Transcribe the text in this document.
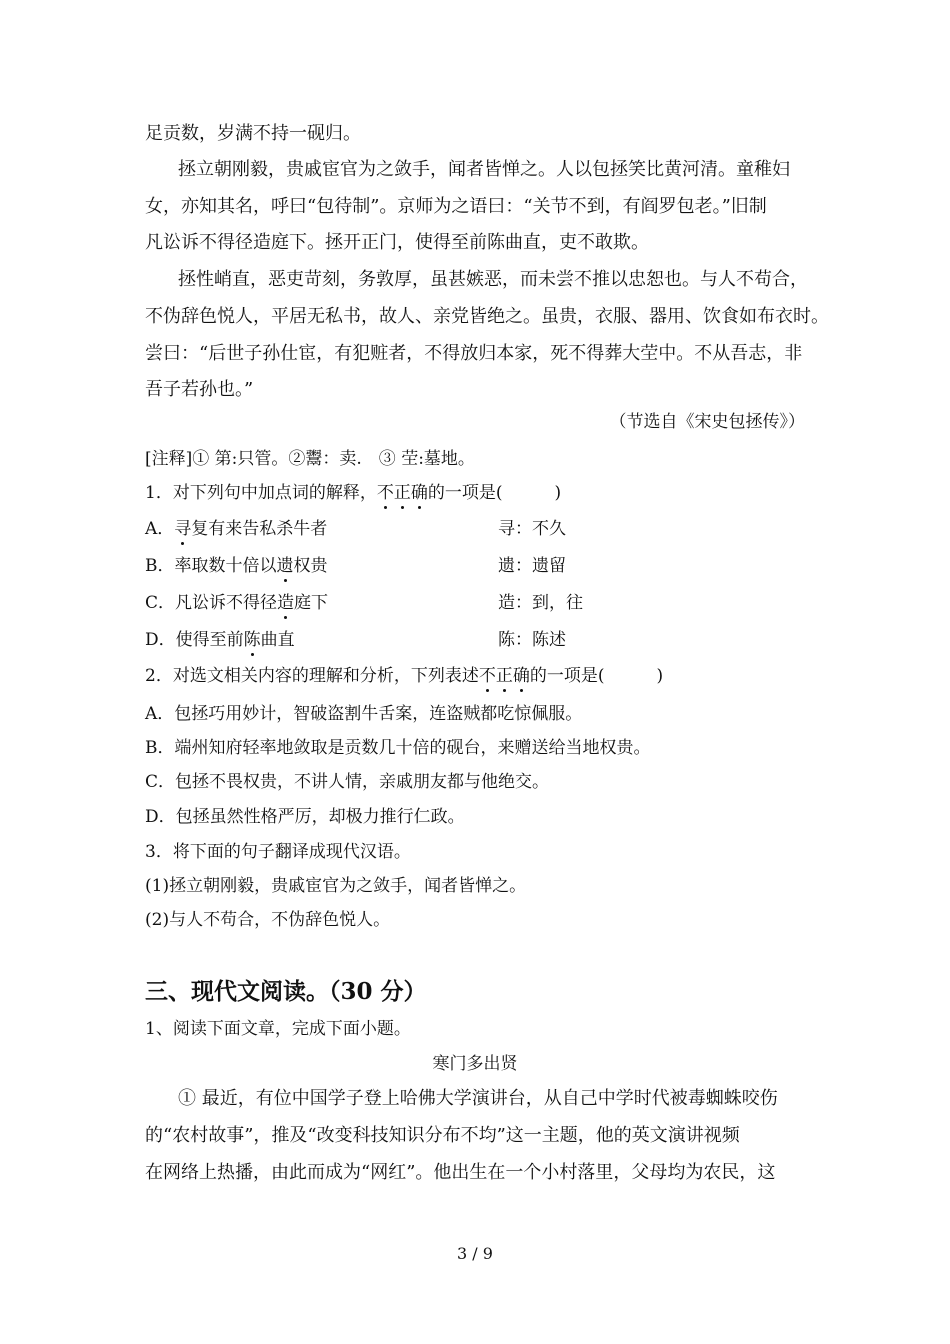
足贡数，岁满不持一砚归。
拯立朝刚毅，贵戚宦官为之敛手，闻者皆惮之。人以包拯笑比黄河清。童稚妇
女，亦知其名，呼曰“包待制”。京师为之语曰：“关节不到，有阎罗包老。”旧制
凡讼诉不得径造庭下。拯开正门，使得至前陈曲直，吏不敢欺。
拯性峭直，恶吏苛刻，务敦厚，虽甚嫉恶，而未尝不推以忠恕也。与人不苟合，
不伪辞色悦人，平居无私书，故人、亲党皆绝之。虽贵，衣服、器用、饮食如布衣时。
尝曰：“后世子孙仕宦，有犯赃者，不得放归本家，死不得葬大茔中。不从吾志，非
吾子若孙也。”
（节选自《宋史包拯传》）
[注释]① 第:只管。②鬻：卖.　③ 茔:墓地。
1．对下列句中加点词的解释，不正确的一项是(	)
A．寻复有来告私杀牛者	寻：不久
B．率取数十倍以遗权贵	遗：遗留
C．凡讼诉不得径造庭下	造：到，往
D．使得至前陈曲直	陈：陈述
2．对选文相关内容的理解和分析，下列表述不正确的一项是(	)
A．包拯巧用妙计，智破盗割牛舌案，连盗贼都吃惊佩服。
B．端州知府轻率地敛取是贡数几十倍的砚台，来赠送给当地权贵。
C．包拯不畏权贵，不讲人情，亲戚朋友都与他绝交。
D．包拯虽然性格严厉，却极力推行仁政。
3．将下面的句子翻译成现代汉语。
(1)拯立朝刚毅，贵戚宦官为之敛手，闻者皆惮之。
(2)与人不苟合，不伪辞色悦人。
三、现代文阅读。（30 分）
1、阅读下面文章，完成下面小题。
寒门多出贤
① 最近，有位中国学子登上哈佛大学演讲台，从自己中学时代被毒蜘蛛咬伤
的“农村故事”，推及“改变科技知识分布不均”这一主题，他的英文演讲视频
在网络上热播，由此而成为“网红”。他出生在一个小村落里，父母均为农民，这
3 / 9
